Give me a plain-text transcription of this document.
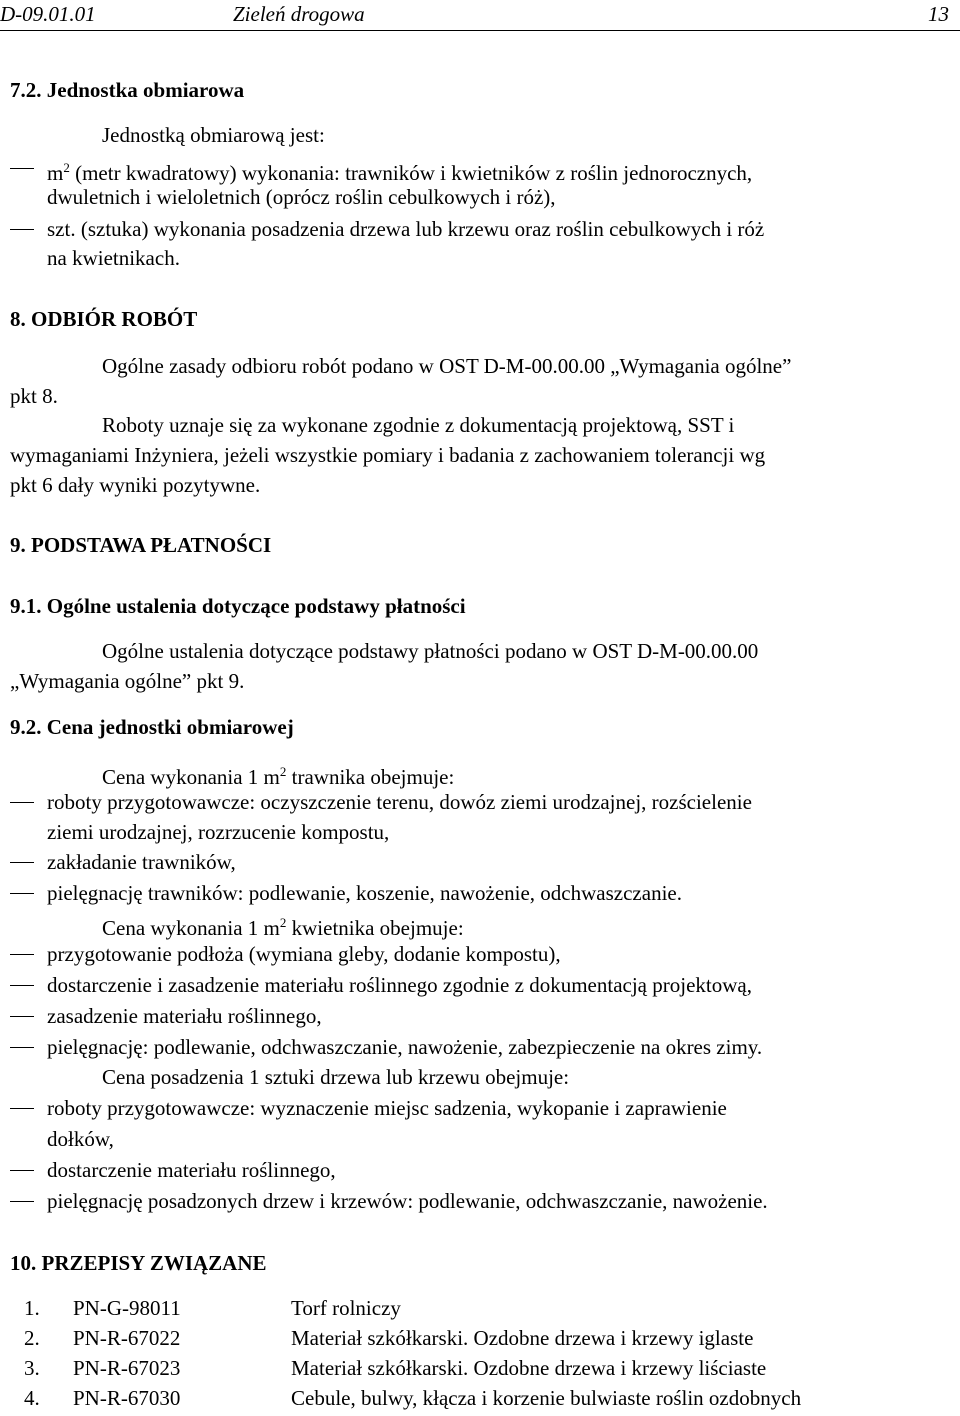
D-09.01.01	Zieleń drogowa	13
7.2. Jednostka obmiarowa
Jednostką obmiarową jest:
$m^2$ (metr kwadratowy) wykonania: trawników i kwietników z roślin jednorocznych,
dwuletnich i wieloletnich (oprócz roślin cebulkowych i róż),
szt. (sztuka) wykonania posadzenia drzewa lub krzewu oraz roślin cebulkowych i róż
na kwietnikach.
8. ODBIÓR ROBÓT
Ogólne zasady odbioru robót podano w OST D-M-00.00.00 „Wymagania ogólne”
pkt 8.
Roboty uznaje się za wykonane zgodnie z dokumentacją projektową, SST i
wymaganiami Inżyniera, jeżeli wszystkie pomiary i badania z zachowaniem tolerancji wg
pkt 6 dały wyniki pozytywne.
9. PODSTAWA PŁATNOŚCI
9.1. Ogólne ustalenia dotyczące podstawy płatności
Ogólne ustalenia dotyczące podstawy płatności podano w OST D-M-00.00.00
„Wymagania ogólne” pkt 9.
9.2. Cena jednostki obmiarowej
Cena wykonania 1 $m^2$ trawnika obejmuje:
roboty przygotowawcze: oczyszczenie terenu, dowóz ziemi urodzajnej, rozścielenie
ziemi urodzajnej, rozrzucenie kompostu,
zakładanie trawników,
pielęgnację trawników: podlewanie, koszenie, nawożenie, odchwaszczanie.
Cena wykonania 1 $m^2$ kwietnika obejmuje:
przygotowanie podłoża (wymiana gleby, dodanie kompostu),
dostarczenie i zasadzenie materiału roślinnego zgodnie z dokumentacją projektową,
zasadzenie materiału roślinnego,
pielęgnację: podlewanie, odchwaszczanie, nawożenie, zabezpieczenie na okres zimy.
Cena posadzenia 1 sztuki drzewa lub krzewu obejmuje:
roboty przygotowawcze: wyznaczenie miejsc sadzenia, wykopanie i zaprawienie
dołków,
dostarczenie materiału roślinnego,
pielęgnację posadzonych drzew i krzewów: podlewanie, odchwaszczanie, nawożenie.
10. PRZEPISY ZWIĄZANE
1. PN-G-98011	Torf rolniczy
2. PN-R-67022	Materiał szkółkarski. Ozdobne drzewa i krzewy iglaste
3. PN-R-67023	Materiał szkółkarski. Ozdobne drzewa i krzewy liściaste
4. PN-R-67030	Cebule, bulwy, kłącza i korzenie bulwiaste roślin ozdobnych
